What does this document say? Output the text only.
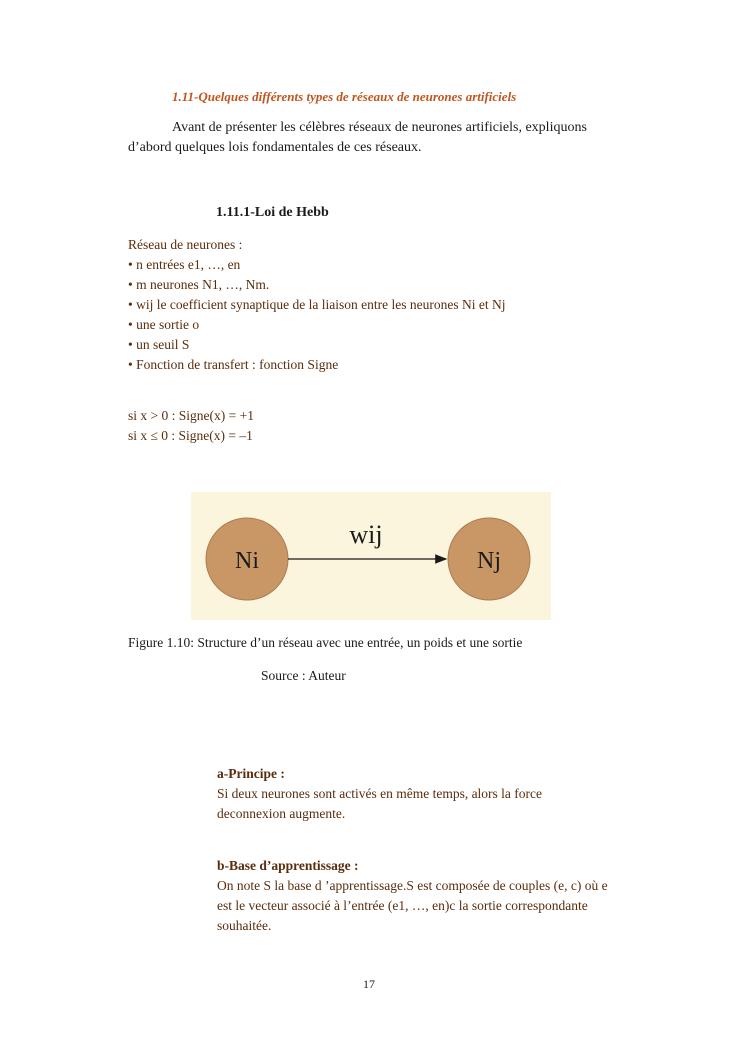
1.11-Quelques différents types de réseaux de neurones artificiels
Avant de présenter les célèbres réseaux de neurones artificiels, expliquons
d’abord quelques lois fondamentales de ces réseaux.
1.11.1-Loi de Hebb
Réseau de neurones :
• n entrées e1, …, en
• m neurones N1, …, Nm.
• wij le coefficient synaptique de la liaison entre les neurones Ni et Nj
• une sortie o
• un seuil S
• Fonction de transfert : fonction Signe
si x > 0 : Signe(x) = +1
si x ≤ 0 : Signe(x) = –1
Ni	Nj
wij
Figure 1.10: Structure d’un réseau avec une entrée, un poids et une sortie
Source : Auteur
a-Principe :
Si deux neurones sont activés en même temps, alors la force
deconnexion augmente.
b-Base d’apprentissage :
On note S la base d ’apprentissage.S est composée de couples (e, c) où e
est le vecteur associé à l’entrée (e1, …, en)c la sortie correspondante
souhaitée.
17
